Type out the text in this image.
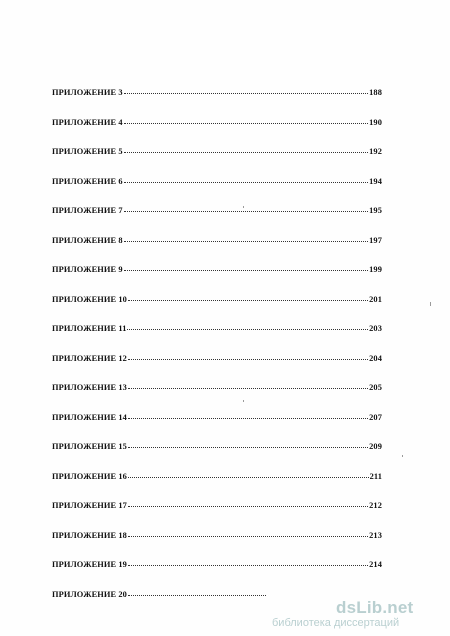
ПРИЛОЖЕНИЕ 3	188
ПРИЛОЖЕНИЕ 4	190
ПРИЛОЖЕНИЕ 5	192
ПРИЛОЖЕНИЕ 6	194
ПРИЛОЖЕНИЕ 7	195
ПРИЛОЖЕНИЕ 8	197
ПРИЛОЖЕНИЕ 9	199
ПРИЛОЖЕНИЕ 10	201
ПРИЛОЖЕНИЕ 11	203
ПРИЛОЖЕНИЕ 12	204
ПРИЛОЖЕНИЕ 13	205
ПРИЛОЖЕНИЕ 14	207
ПРИЛОЖЕНИЕ 15	209
ПРИЛОЖЕНИЕ 16	211
ПРИЛОЖЕНИЕ 17	212
ПРИЛОЖЕНИЕ 18	213
ПРИЛОЖЕНИЕ 19	214
ПРИЛОЖЕНИЕ 20
dsLib.net
библиотека диссертаций
